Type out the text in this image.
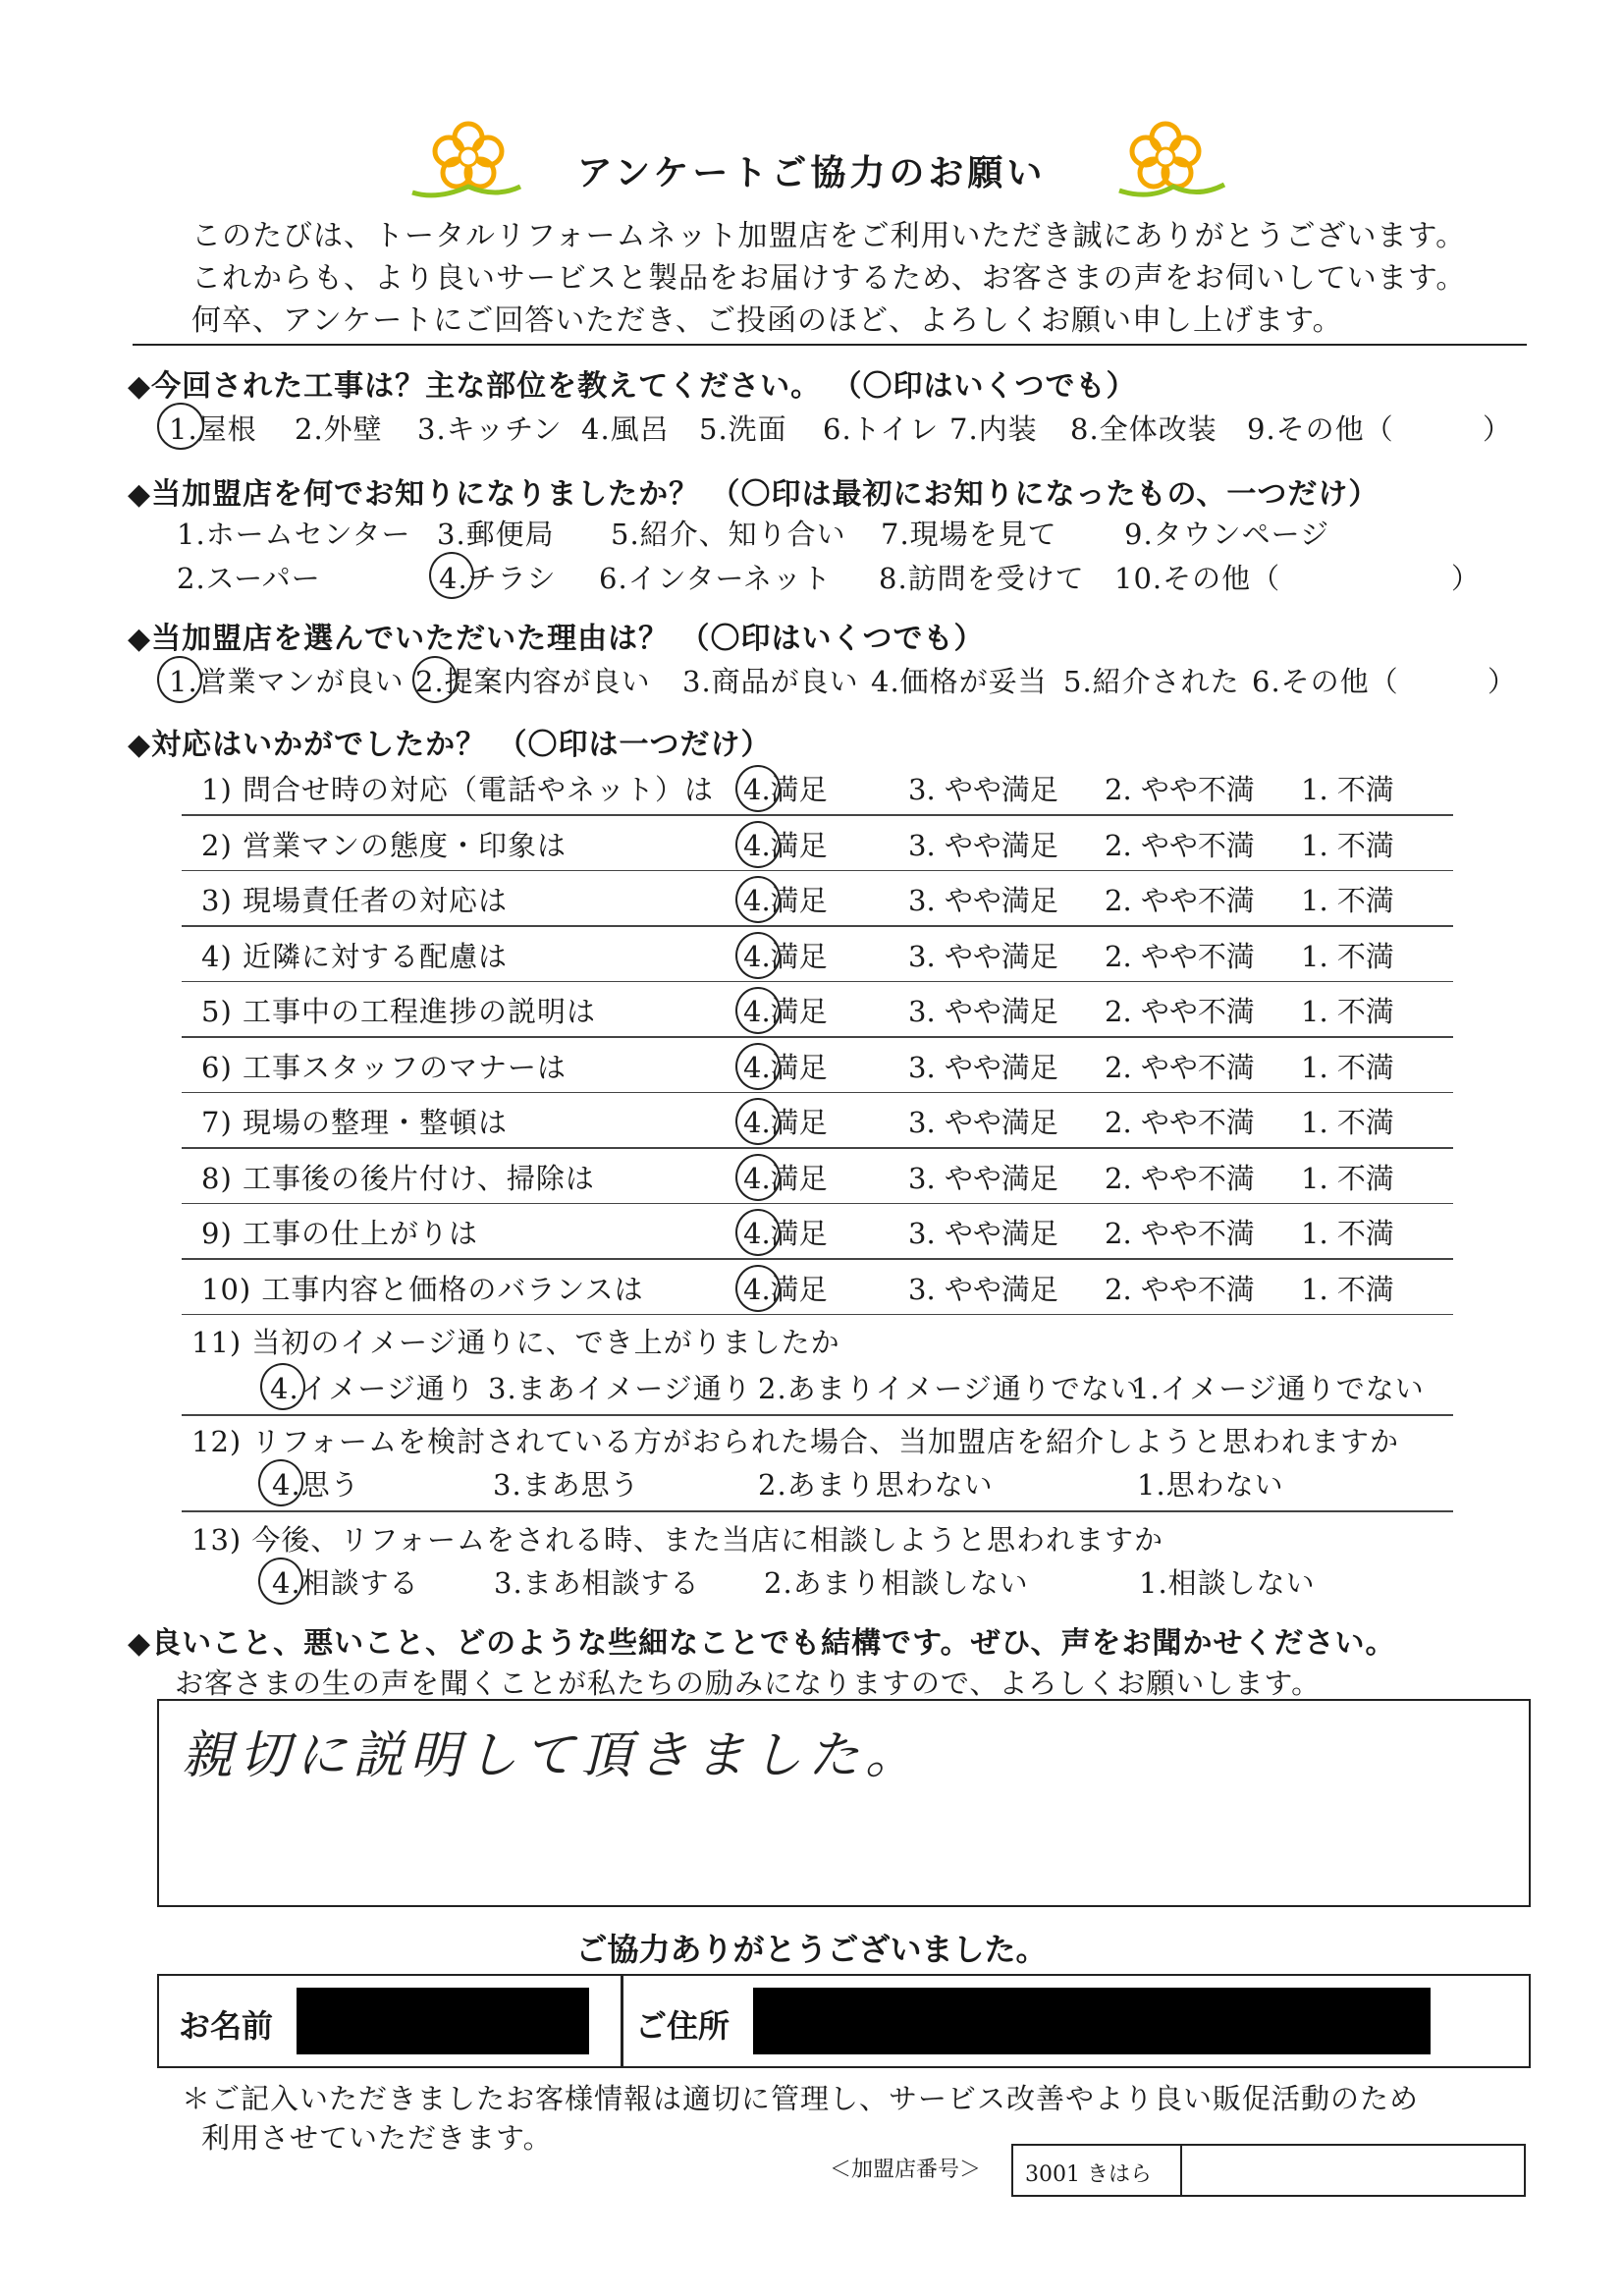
アンケートご協力のお願い
このたびは、トータルリフォームネット加盟店をご利用いただき誠にありがとうございます。
これからも、より良いサービスと製品をお届けするため、お客さまの声をお伺いしています。
何卒、アンケートにご回答いただき、ご投函のほど、よろしくお願い申し上げます。
◆今回された工事は？主な部位を教えてください。 （〇印はいくつでも）
1.屋根 2.外壁 3.キッチン 4.風呂 5.洗面 6.トイレ 7.内装 8.全体改装 9.その他（	）
◆当加盟店を何でお知りになりましたか？ （〇印は最初にお知りになったもの、一つだけ）
1.ホームセンター 3.郵便局 5.紹介、知り合い 7.現場を見て 9.タウンページ
2.スーパー	4.チラシ 6.インターネット 8.訪問を受けて 10.その他（	）
◆当加盟店を選んでいただいた理由は？ （〇印はいくつでも）
1.営業マンが良い 2.提案内容が良い 3.商品が良い 4.価格が妥当 5.紹介された 6.その他（	）
◆対応はいかがでしたか？ （〇印は一つだけ）
1) 問合せ時の対応（電話やネット）は 4.満足	3. やや満足 2. やや不満 1. 不満
2) 営業マンの態度・印象は	4.満足	3. やや満足 2. やや不満 1. 不満
3) 現場責任者の対応は	4.満足	3. やや満足 2. やや不満 1. 不満
4) 近隣に対する配慮は	4.満足	3. やや満足 2. やや不満 1. 不満
5) 工事中の工程進捗の説明は	4.満足	3. やや満足 2. やや不満 1. 不満
6) 工事スタッフのマナーは	4.満足	3. やや満足 2. やや不満 1. 不満
7) 現場の整理・整頓は	4.満足	3. やや満足 2. やや不満 1. 不満
8) 工事後の後片付け、掃除は	4.満足	3. やや満足 2. やや不満 1. 不満
9) 工事の仕上がりは	4.満足	3. やや満足 2. やや不満 1. 不満
10) 工事内容と価格のバランスは	4.満足	3. やや満足 2. やや不満 1. 不満
11) 当初のイメージ通りに、でき上がりましたか
4.イメージ通り 3.まあイメージ通り 2.あまりイメージ通りでない
1.イメージ通りでない
12) リフォームを検討されている方がおられた場合、当加盟店を紹介しようと思われますか
4.思う	3.まあ思う	2.あまり思わない	1.思わない
13) 今後、リフォームをされる時、また当店に相談しようと思われますか
4.相談する	3.まあ相談する 2.あまり相談しない	1.相談しない
◆良いこと、悪いこと、どのような些細なことでも結構です。ぜひ、声をお聞かせください。
お客さまの生の声を聞くことが私たちの励みになりますので、よろしくお願いします。
親切に説明して頂きました。
ご協力ありがとうございました。
お名前	ご住所
＊ご記入いただきましたお客様情報は適切に管理し、サービス改善やより良い販促活動のため
利用させていただきます。
＜加盟店番号＞ 3001 きはら
